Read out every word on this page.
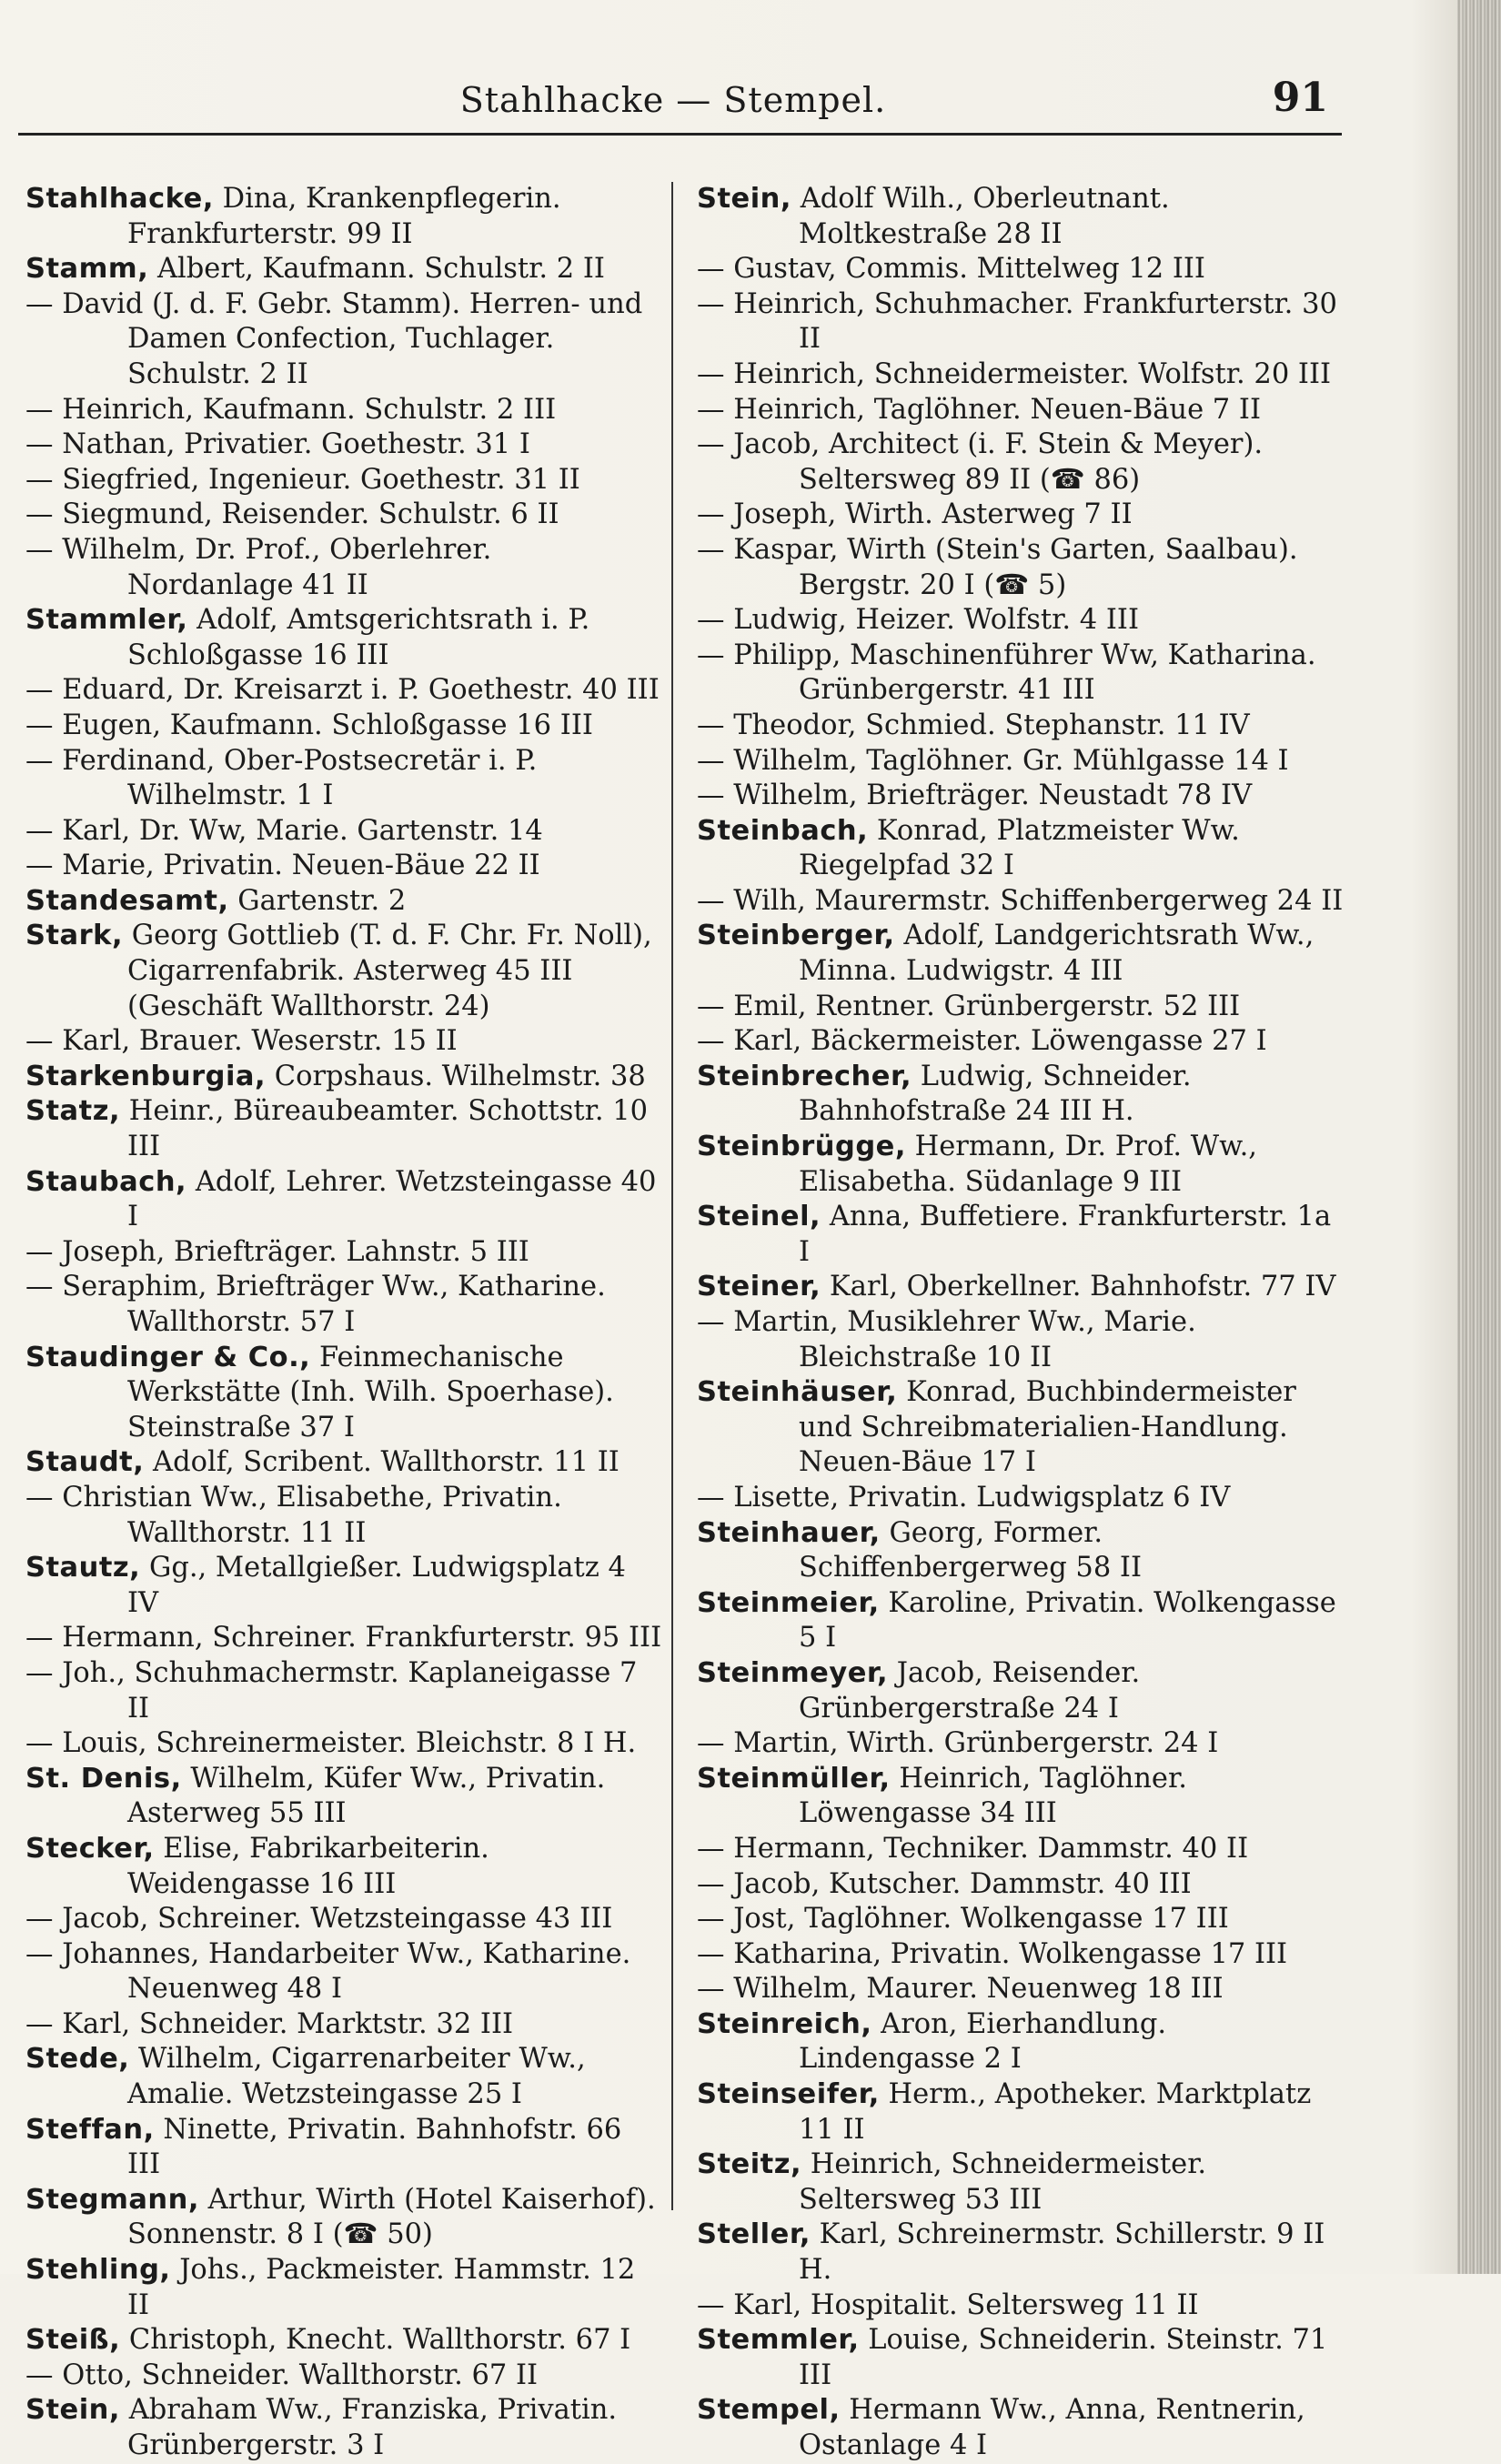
Stahlhacke — Stempel.	91
Stahlhacke, Dina, Krankenpflegerin. Frankfurterstr. 99 II
Stamm, Albert, Kaufmann. Schulstr. 2 II
— David (J. d. F. Gebr. Stamm). Herren- und Damen Confection, Tuchlager. Schulstr. 2 II
— Heinrich, Kaufmann. Schulstr. 2 III
— Nathan, Privatier. Goethestr. 31 I
— Siegfried, Ingenieur. Goethestr. 31 II
— Siegmund, Reisender. Schulstr. 6 II
— Wilhelm, Dr. Prof., Oberlehrer. Nordanlage 41 II
Stammler, Adolf, Amtsgerichtsrath i. P. Schloßgasse 16 III
— Eduard, Dr. Kreisarzt i. P. Goethestr. 40 III
— Eugen, Kaufmann. Schloßgasse 16 III
— Ferdinand, Ober-Postsecretär i. P. Wilhelmstr. 1 I
— Karl, Dr. Ww, Marie. Gartenstr. 14
— Marie, Privatin. Neuen-Bäue 22 II
Standesamt, Gartenstr. 2
Stark, Georg Gottlieb (T. d. F. Chr. Fr. Noll), Cigarrenfabrik. Asterweg 45 III (Geschäft Wallthorstr. 24)
— Karl, Brauer. Weserstr. 15 II
Starkenburgia, Corpshaus. Wilhelmstr. 38
Statz, Heinr., Büreaubeamter. Schottstr. 10 III
Staubach, Adolf, Lehrer. Wetzsteingasse 40 I
— Joseph, Briefträger. Lahnstr. 5 III
— Seraphim, Briefträger Ww., Katharine. Wallthorstr. 57 I
Staudinger & Co., Feinmechanische Werkstätte (Inh. Wilh. Spoerhase). Steinstraße 37 I
Staudt, Adolf, Scribent. Wallthorstr. 11 II
— Christian Ww., Elisabethe, Privatin. Wallthorstr. 11 II
Stautz, Gg., Metallgießer. Ludwigsplatz 4 IV
— Hermann, Schreiner. Frankfurterstr. 95 III
— Joh., Schuhmachermstr. Kaplaneigasse 7 II
— Louis, Schreinermeister. Bleichstr. 8 I H.
St. Denis, Wilhelm, Küfer Ww., Privatin. Asterweg 55 III
Stecker, Elise, Fabrikarbeiterin. Weidengasse 16 III
— Jacob, Schreiner. Wetzsteingasse 43 III
— Johannes, Handarbeiter Ww., Katharine. Neuenweg 48 I
— Karl, Schneider. Marktstr. 32 III
Stede, Wilhelm, Cigarrenarbeiter Ww., Amalie. Wetzsteingasse 25 I
Steffan, Ninette, Privatin. Bahnhofstr. 66 III
Stegmann, Arthur, Wirth (Hotel Kaiserhof). Sonnenstr. 8 I (☎ 50)
Stehling, Johs., Packmeister. Hammstr. 12 II
Steiß, Christoph, Knecht. Wallthorstr. 67 I
— Otto, Schneider. Wallthorstr. 67 II
Stein, Abraham Ww., Franziska, Privatin. Grünbergerstr. 3 I
Stein, Adolf Wilh., Oberleutnant. Moltkestraße 28 II
— Gustav, Commis. Mittelweg 12 III
— Heinrich, Schuhmacher. Frankfurterstr. 30 II
— Heinrich, Schneidermeister. Wolfstr. 20 III
— Heinrich, Taglöhner. Neuen-Bäue 7 II
— Jacob, Architect (i. F. Stein & Meyer). Seltersweg 89 II (☎ 86)
— Joseph, Wirth. Asterweg 7 II
— Kaspar, Wirth (Stein's Garten, Saalbau). Bergstr. 20 I (☎ 5)
— Ludwig, Heizer. Wolfstr. 4 III
— Philipp, Maschinenführer Ww, Katharina. Grünbergerstr. 41 III
— Theodor, Schmied. Stephanstr. 11 IV
— Wilhelm, Taglöhner. Gr. Mühlgasse 14 I
— Wilhelm, Briefträger. Neustadt 78 IV
Steinbach, Konrad, Platzmeister Ww. Riegelpfad 32 I
— Wilh, Maurermstr. Schiffenbergerweg 24 II
Steinberger, Adolf, Landgerichtsrath Ww., Minna. Ludwigstr. 4 III
— Emil, Rentner. Grünbergerstr. 52 III
— Karl, Bäckermeister. Löwengasse 27 I
Steinbrecher, Ludwig, Schneider. Bahnhofstraße 24 III H.
Steinbrügge, Hermann, Dr. Prof. Ww., Elisabetha. Südanlage 9 III
Steinel, Anna, Buffetiere. Frankfurterstr. 1a I
Steiner, Karl, Oberkellner. Bahnhofstr. 77 IV
— Martin, Musiklehrer Ww., Marie. Bleichstraße 10 II
Steinhäuser, Konrad, Buchbindermeister und Schreibmaterialien-Handlung. Neuen-Bäue 17 I
— Lisette, Privatin. Ludwigsplatz 6 IV
Steinhauer, Georg, Former. Schiffenbergerweg 58 II
Steinmeier, Karoline, Privatin. Wolkengasse 5 I
Steinmeyer, Jacob, Reisender. Grünbergerstraße 24 I
— Martin, Wirth. Grünbergerstr. 24 I
Steinmüller, Heinrich, Taglöhner. Löwengasse 34 III
— Hermann, Techniker. Dammstr. 40 II
— Jacob, Kutscher. Dammstr. 40 III
— Jost, Taglöhner. Wolkengasse 17 III
— Katharina, Privatin. Wolkengasse 17 III
— Wilhelm, Maurer. Neuenweg 18 III
Steinreich, Aron, Eierhandlung. Lindengasse 2 I
Steinseifer, Herm., Apotheker. Marktplatz 11 II
Steitz, Heinrich, Schneidermeister. Seltersweg 53 III
Steller, Karl, Schreinermstr. Schillerstr. 9 II H.
— Karl, Hospitalit. Seltersweg 11 II
Stemmler, Louise, Schneiderin. Steinstr. 71 III
Stempel, Hermann Ww., Anna, Rentnerin, Ostanlage 4 I
